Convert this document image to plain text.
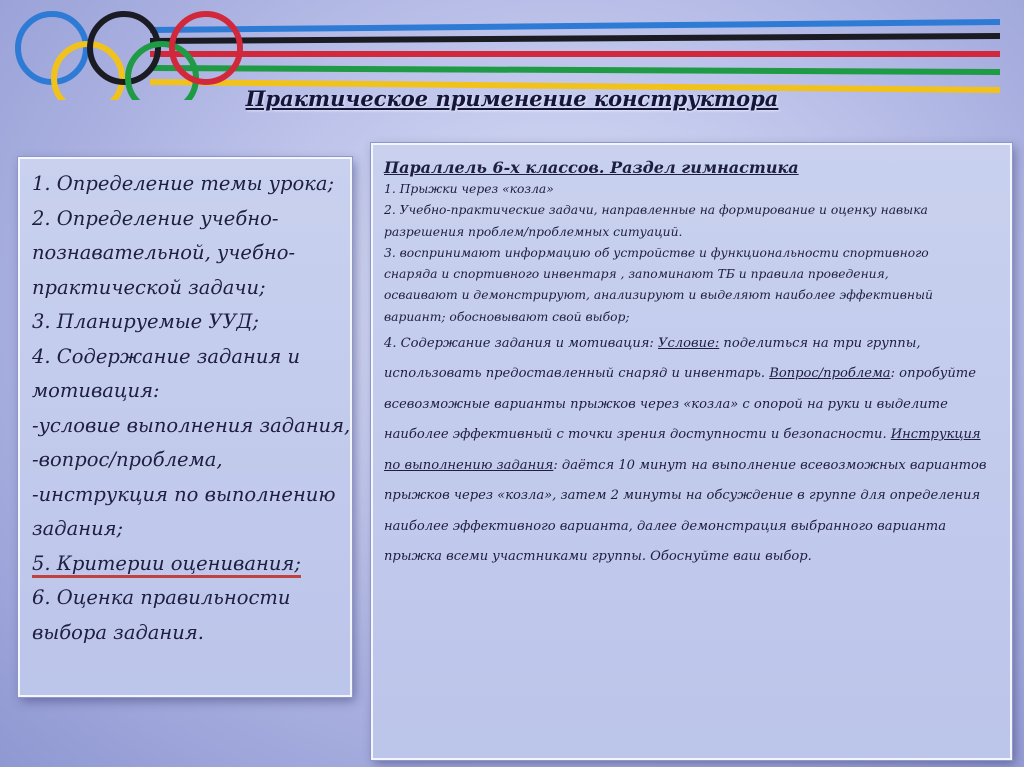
Практическое применение конструктора
1. Определение темы урока;
2. Определение учебно-
познавательной, учебно-
практической задачи;
3. Планируемые УУД;
4. Содержание задания и
мотивация:
-условие выполнения задания,
-вопрос/проблема,
-инструкция по выполнению
задания;
5. Критерии оценивания;
6. Оценка правильности
выбора задания.
Параллель 6-х классов. Раздел гимнастика
1. Прыжки через «козла»
2. Учебно-практические задачи, направленные на формирование и оценку навыка
разрешения проблем/проблемных ситуаций.
3. воспринимают информацию об устройстве и функциональности спортивного
снаряда и спортивного инвентаря , запоминают ТБ и правила проведения,
осваивают и демонстрируют, анализируют и выделяют наиболее эффективный
вариант; обосновывают свой выбор;
4. Содержание задания и мотивация: Условие: поделиться на три группы,
использовать предоставленный снаряд и инвентарь. Вопрос/проблема: опробуйте
всевозможные варианты прыжков через «козла» с опорой на руки и выделите
наиболее эффективный с точки зрения доступности и безопасности. Инструкция
по выполнению задания: даётся 10 минут на выполнение всевозможных вариантов
прыжков через «козла», затем 2 минуты на обсуждение в группе для определения
наиболее эффективного варианта, далее демонстрация выбранного варианта
прыжка всеми участниками группы. Обоснуйте ваш выбор.
